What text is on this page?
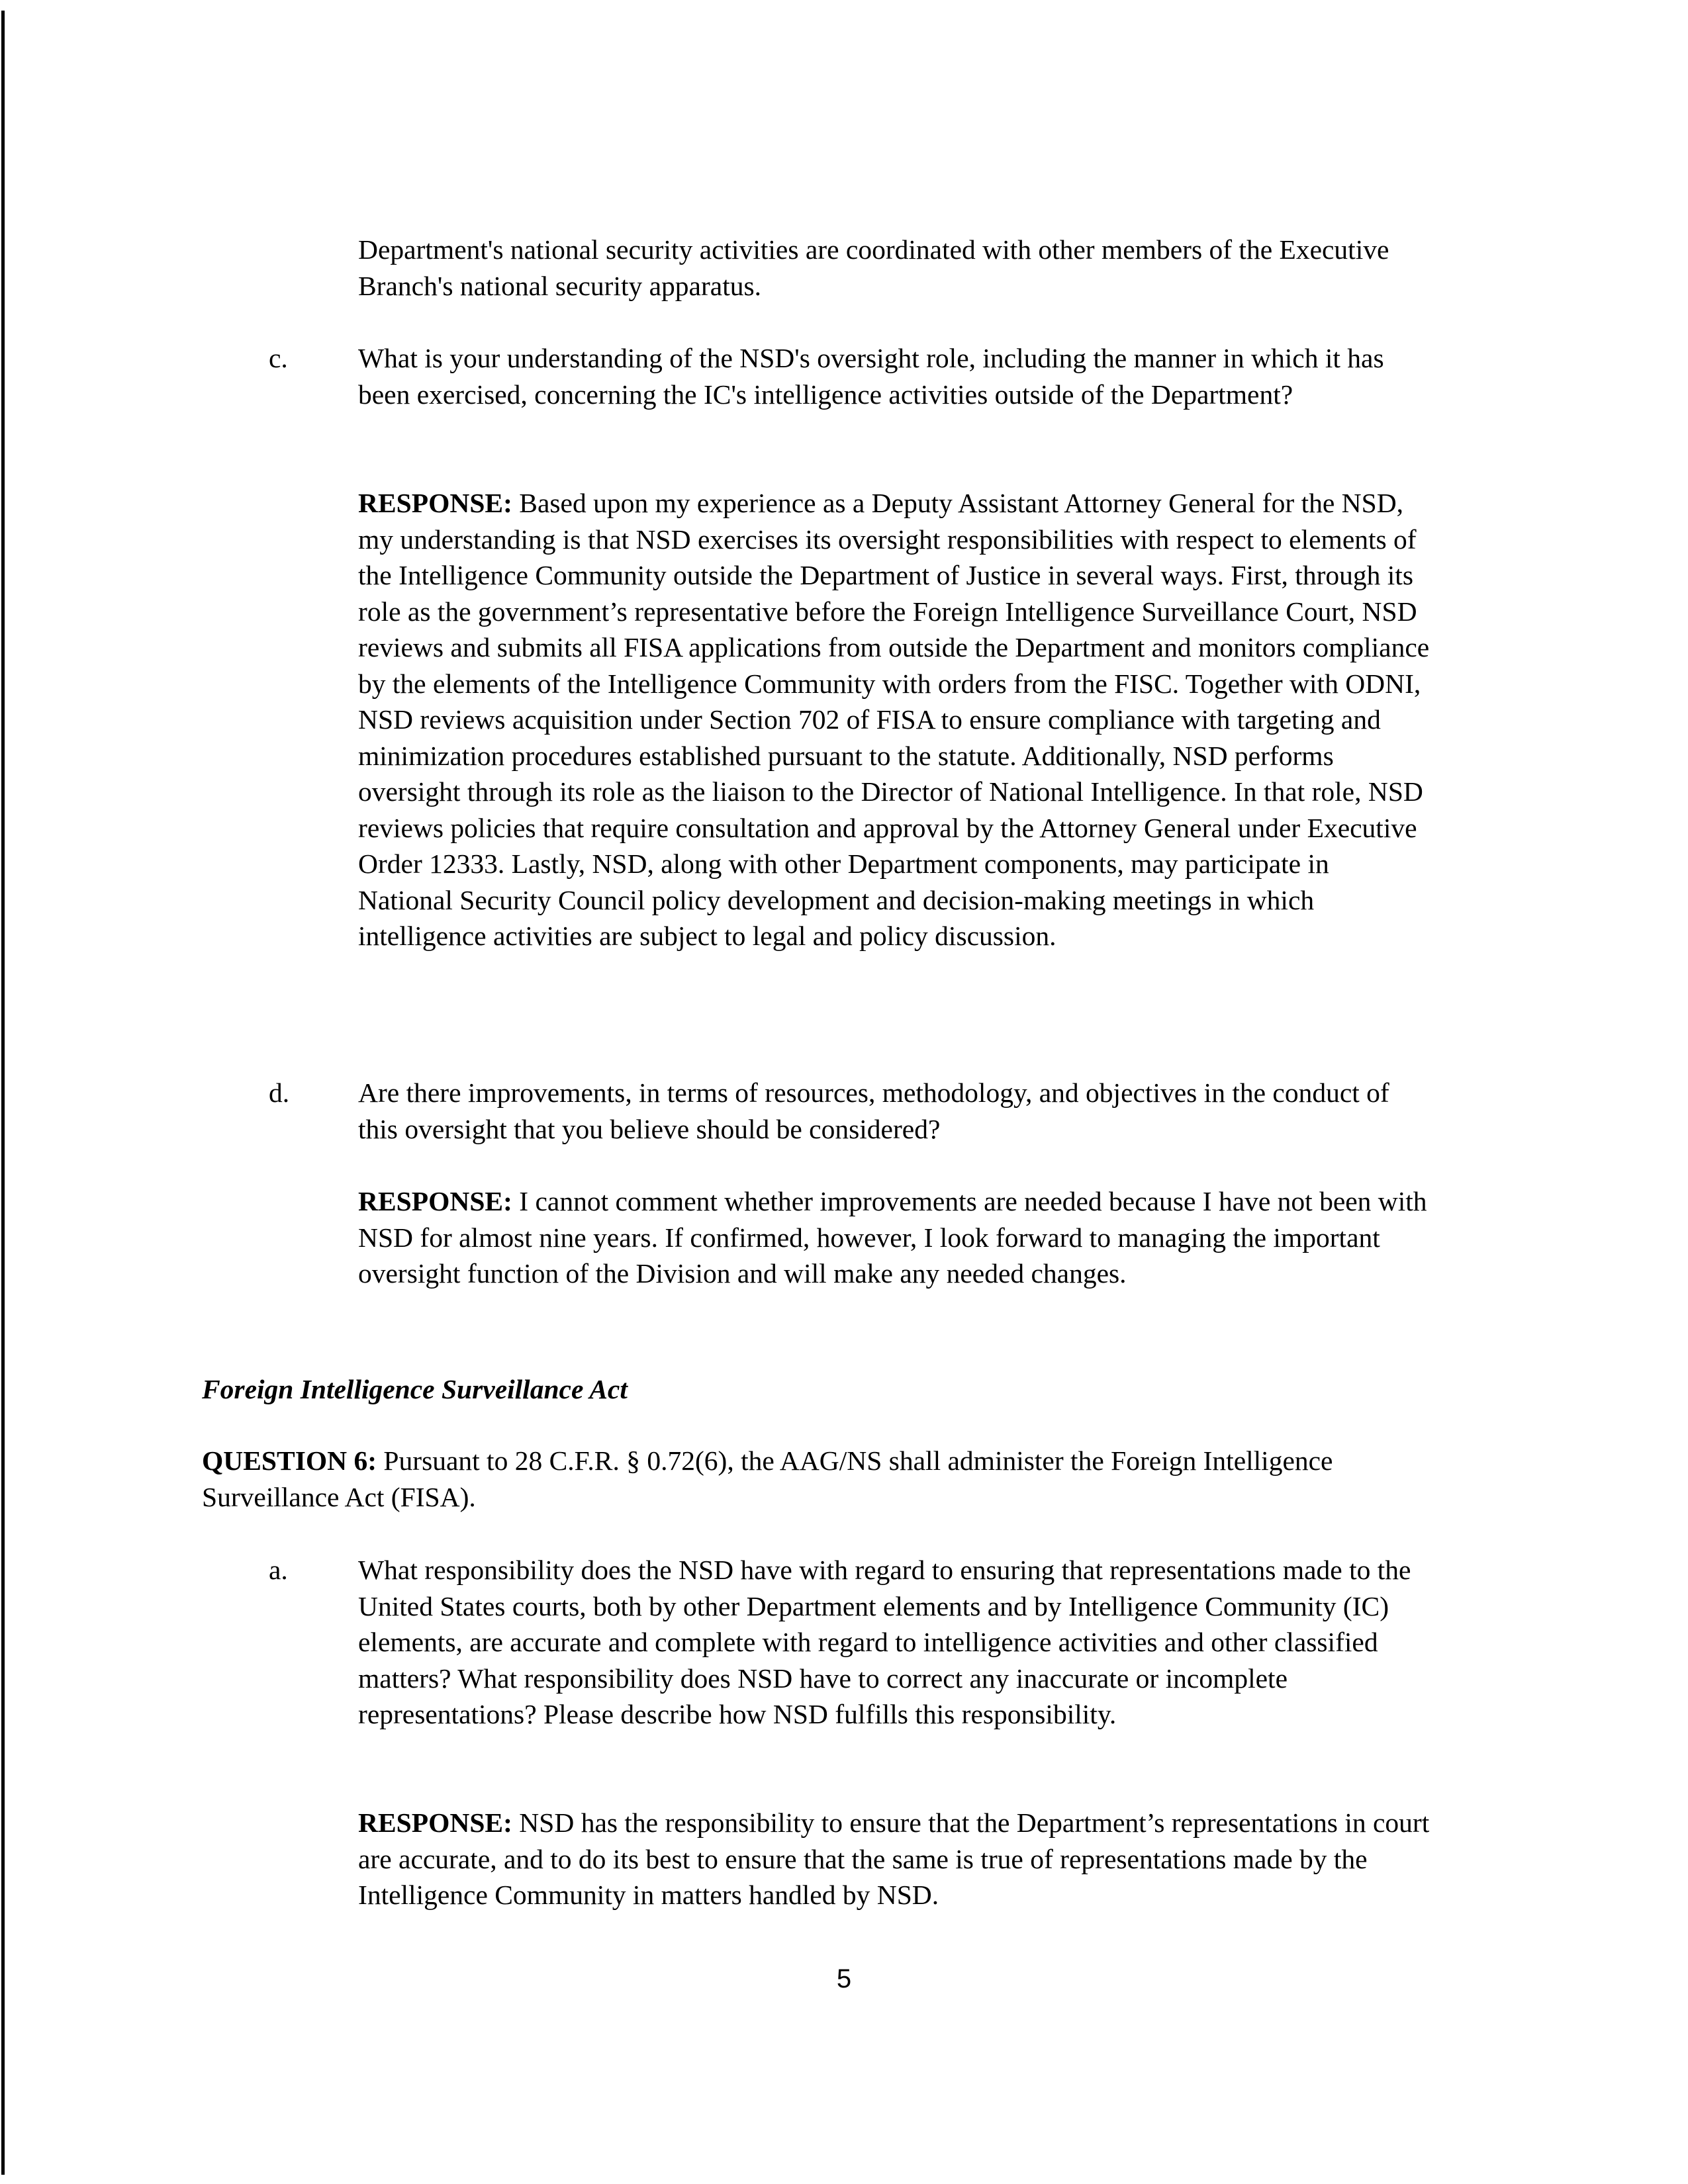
Department's national security activities are coordinated with other members of the Executive Branch's national security apparatus.
c.	What is your understanding of the NSD's oversight role, including the manner in which it has been exercised, concerning the IC's intelligence activities outside of the Department?
RESPONSE: Based upon my experience as a Deputy Assistant Attorney General for the NSD, my understanding is that NSD exercises its oversight responsibilities with respect to elements of the Intelligence Community outside the Department of Justice in several ways. First, through its role as the government’s representative before the Foreign Intelligence Surveillance Court, NSD reviews and submits all FISA applications from outside the Department and monitors compliance by the elements of the Intelligence Community with orders from the FISC. Together with ODNI, NSD reviews acquisition under Section 702 of FISA to ensure compliance with targeting and minimization procedures established pursuant to the statute. Additionally, NSD performs oversight through its role as the liaison to the Director of National Intelligence. In that role, NSD reviews policies that require consultation and approval by the Attorney General under Executive Order 12333. Lastly, NSD, along with other Department components, may participate in National Security Council policy development and decision-making meetings in which intelligence activities are subject to legal and policy discussion.
d.	Are there improvements, in terms of resources, methodology, and objectives in the conduct of this oversight that you believe should be considered?
RESPONSE: I cannot comment whether improvements are needed because I have not been with NSD for almost nine years. If confirmed, however, I look forward to managing the important oversight function of the Division and will make any needed changes.
Foreign Intelligence Surveillance Act
QUESTION 6: Pursuant to 28 C.F.R. § 0.72(6), the AAG/NS shall administer the Foreign Intelligence Surveillance Act (FISA).
a.	What responsibility does the NSD have with regard to ensuring that representations made to the United States courts, both by other Department elements and by Intelligence Community (IC) elements, are accurate and complete with regard to intelligence activities and other classified matters? What responsibility does NSD have to correct any inaccurate or incomplete representations? Please describe how NSD fulfills this responsibility.
RESPONSE: NSD has the responsibility to ensure that the Department’s representations in court are accurate, and to do its best to ensure that the same is true of representations made by the Intelligence Community in matters handled by NSD.
5
